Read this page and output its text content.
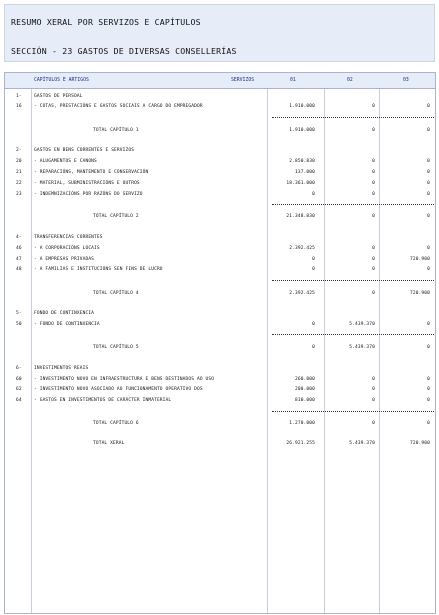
RESUMO XERAL POR SERVIZOS E CAPÍTULOS
SECCIÓN - 23 GASTOS DE DIVERSAS CONSELLERÍAS
CAPÍTULOS E ARTIGOS	SERVIZOS	01	02	03
1-	GASTOS DE PERSOAL
16	- COTAS, PRESTACIÓNS E GASTOS SOCIAIS A CARGO DO EMPREGADOR	1.910.000	0	0
TOTAL CAPÍTULO 1	1.910.000	0	0
2-	GASTOS EN BENS CORRENTES E SERVIZOS
20	- ALUGAMENTOS E CANONS	2.850.830	0	0
21	- REPARACIÓNS, MANTEMENTO E CONSERVACIÓN	137.000	0	0
22	- MATERIAL, SUBMINISTRACIÓNS E OUTROS	18.361.000	0	0
23	- INDEMNIZACIÓNS POR RAZÓNS DO SERVIZO	0	0	0
TOTAL CAPÍTULO 2	21.348.830	0	0
4-	TRANSFERENCIAS CORRENTES
46	- A CORPORACIÓNS LOCAIS	2.392.425	0	0
47	- A EMPRESAS PRIVADAS	0	0	720.900
48	- A FAMILIAS E INSTITUCIÓNS SEN FINS DE LUCRO	0	0	0
TOTAL CAPÍTULO 4	2.392.425	0	720.900
5-	FONDO DE CONTINXENCIA
50	- FONDO DE CONTINXENCIA	0	5.439.370	0
TOTAL CAPÍTULO 5	0	5.439.370	0
6-	INVESTIMENTOS REAIS
60	- INVESTIMENTO NOVO EN INFRAESTRUCTURA E BENS DESTINADOS AO USO	260.000	0	0
62	- INVESTIMENTO NOVO ASOCIADO AO FUNCIONAMENTO OPERATIVO DOS	200.000	0	0
64	- GASTOS EN INVESTIMENTOS DE CARÁCTER INMATERIAL	810.000	0	0
TOTAL CAPÍTULO 6	1.270.000	0	0
TOTAL XERAL	26.921.255	5.439.370	720.900
